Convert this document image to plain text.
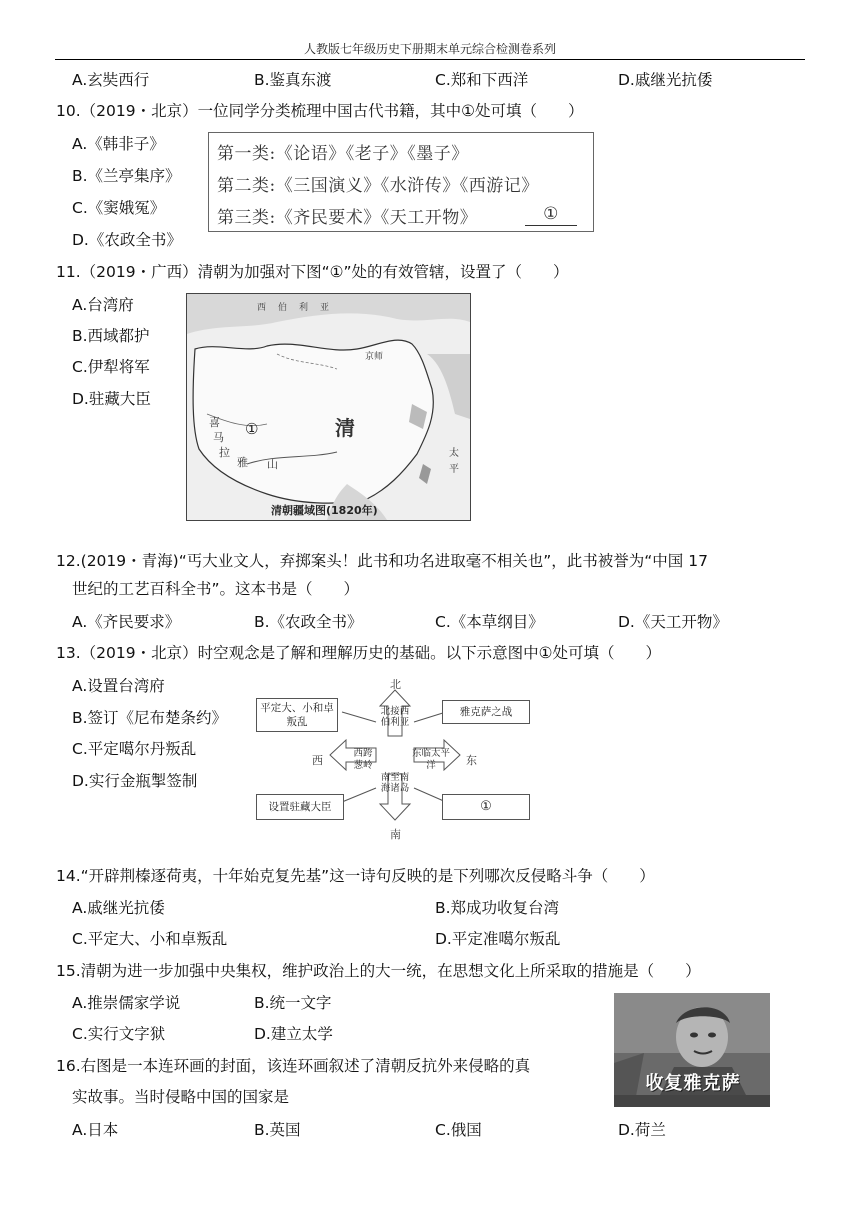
人教版七年级历史下册期末单元综合检测卷系列
A.玄奘西行	B.鉴真东渡	C.郑和下西洋	D.戚继光抗倭
10.（2019・北京）一位同学分类梳理中国古代书籍，其中①处可填（　　）
A.《韩非子》
B.《兰亭集序》
C.《窦娥冤》
D.《农政全书》
第一类:《论语》《老子》《墨子》
第二类:《三国演义》《水浒传》《西游记》
第三类:《齐民要术》《天工开物》	①
11.（2019・广西）清朝为加强对下图“①”处的有效管辖，设置了（　　）
A.台湾府
B.西域都护
C.伊犁将军
D.驻藏大臣
清
京师
①
西伯利亚
喜
马
拉
雅 山
太
平
清朝疆域图(1820年)
12.(2019・青海)“丐大业文人，弃掷案头！此书和功名进取毫不相关也”，此书被誉为“中国 17
世纪的工艺百科全书”。这本书是（　　）
A.《齐民要求》	B.《农政全书》	C.《本草纲目》	D.《天工开物》
13.（2019・北京）时空观念是了解和理解历史的基础。以下示意图中①处可填（　　）
A.设置台湾府
B.签订《尼布楚条约》
C.平定噶尔丹叛乱
D.实行金瓶掣签制
北
南
西	东
平定大、小和卓叛乱
雅克萨之战
设置驻藏大臣	①
北接西伯利亚
西跨葱岭
东临太平洋
南至南海诸岛
14.“开辟荆榛逐荷夷，十年始克复先基”这一诗句反映的是下列哪次反侵略斗争（　　）
A.戚继光抗倭	B.郑成功收复台湾
C.平定大、小和卓叛乱	D.平定准噶尔叛乱
15.清朝为进一步加强中央集权，维护政治上的大一统，在思想文化上所采取的措施是（　　）
A.推崇儒家学说	B.统一文字
C.实行文字狱	D.建立太学
16.右图是一本连环画的封面，该连环画叙述了清朝反抗外来侵略的真
实故事。当时侵略中国的国家是
A.日本	B.英国	C.俄国	D.荷兰
收复雅克萨
